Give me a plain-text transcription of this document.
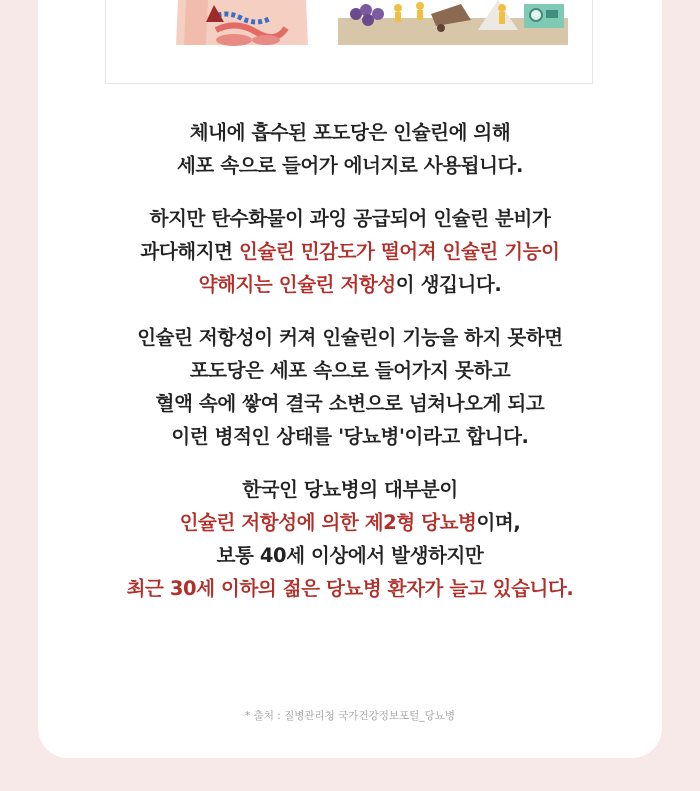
체내에 흡수된 포도당은 인슐린에 의해
세포 속으로 들어가 에너지로 사용됩니다.

하지만 탄수화물이 과잉 공급되어 인슐린 분비가
과다해지면 인슐린 민감도가 떨어져 인슐린 기능이
약해지는 인슐린 저항성이 생깁니다.

인슐린 저항성이 커져 인슐린이 기능을 하지 못하면
포도당은 세포 속으로 들어가지 못하고
혈액 속에 쌓여 결국 소변으로 넘쳐나오게 되고
이런 병적인 상태를 '당뇨병'이라고 합니다.

한국인 당뇨병의 대부분이
인슐린 저항성에 의한 제2형 당뇨병이며,
보통 40세 이상에서 발생하지만
최근 30세 이하의 젊은 당뇨병 환자가 늘고 있습니다.

* 출처 : 질병관리청 국가건강정보포털_당뇨병
